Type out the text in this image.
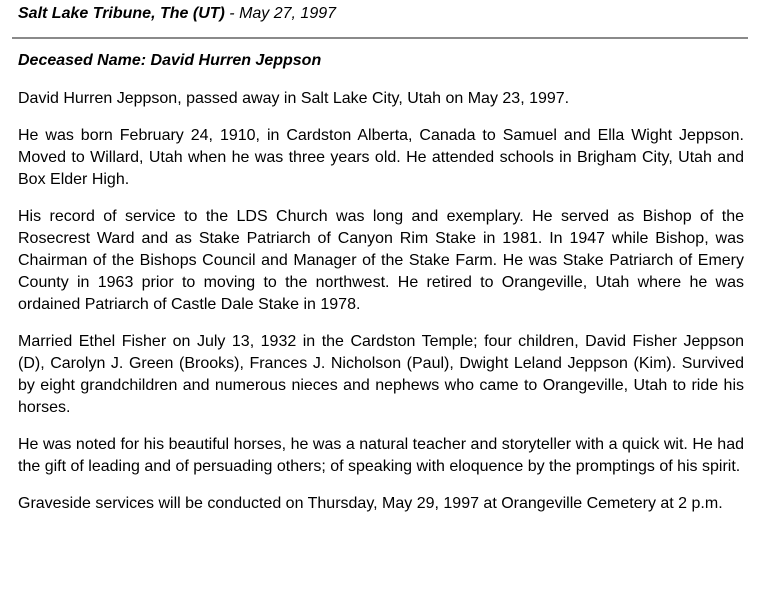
Salt Lake Tribune, The (UT) - May 27, 1997
Deceased Name: David Hurren Jeppson

David Hurren Jeppson, passed away in Salt Lake City, Utah on May 23, 1997.

He was born February 24, 1910, in Cardston Alberta, Canada to Samuel and Ella Wight Jeppson. Moved to Willard, Utah when he was three years old. He attended schools in Brigham City, Utah and Box Elder High.

His record of service to the LDS Church was long and exemplary. He served as Bishop of the Rosecrest Ward and as Stake Patriarch of Canyon Rim Stake in 1981. In 1947 while Bishop, was Chairman of the Bishops Council and Manager of the Stake Farm. He was Stake Patriarch of Emery County in 1963 prior to moving to the northwest. He retired to Orangeville, Utah where he was ordained Patriarch of Castle Dale Stake in 1978.

Married Ethel Fisher on July 13, 1932 in the Cardston Temple; four children, David Fisher Jeppson (D), Carolyn J. Green (Brooks), Frances J. Nicholson (Paul), Dwight Leland Jeppson (Kim). Survived by eight grandchildren and numerous nieces and nephews who came to Orangeville, Utah to ride his horses.

He was noted for his beautiful horses, he was a natural teacher and storyteller with a quick wit. He had the gift of leading and of persuading others; of speaking with eloquence by the promptings of his spirit.

Graveside services will be conducted on Thursday, May 29, 1997 at Orangeville Cemetery at 2 p.m.
